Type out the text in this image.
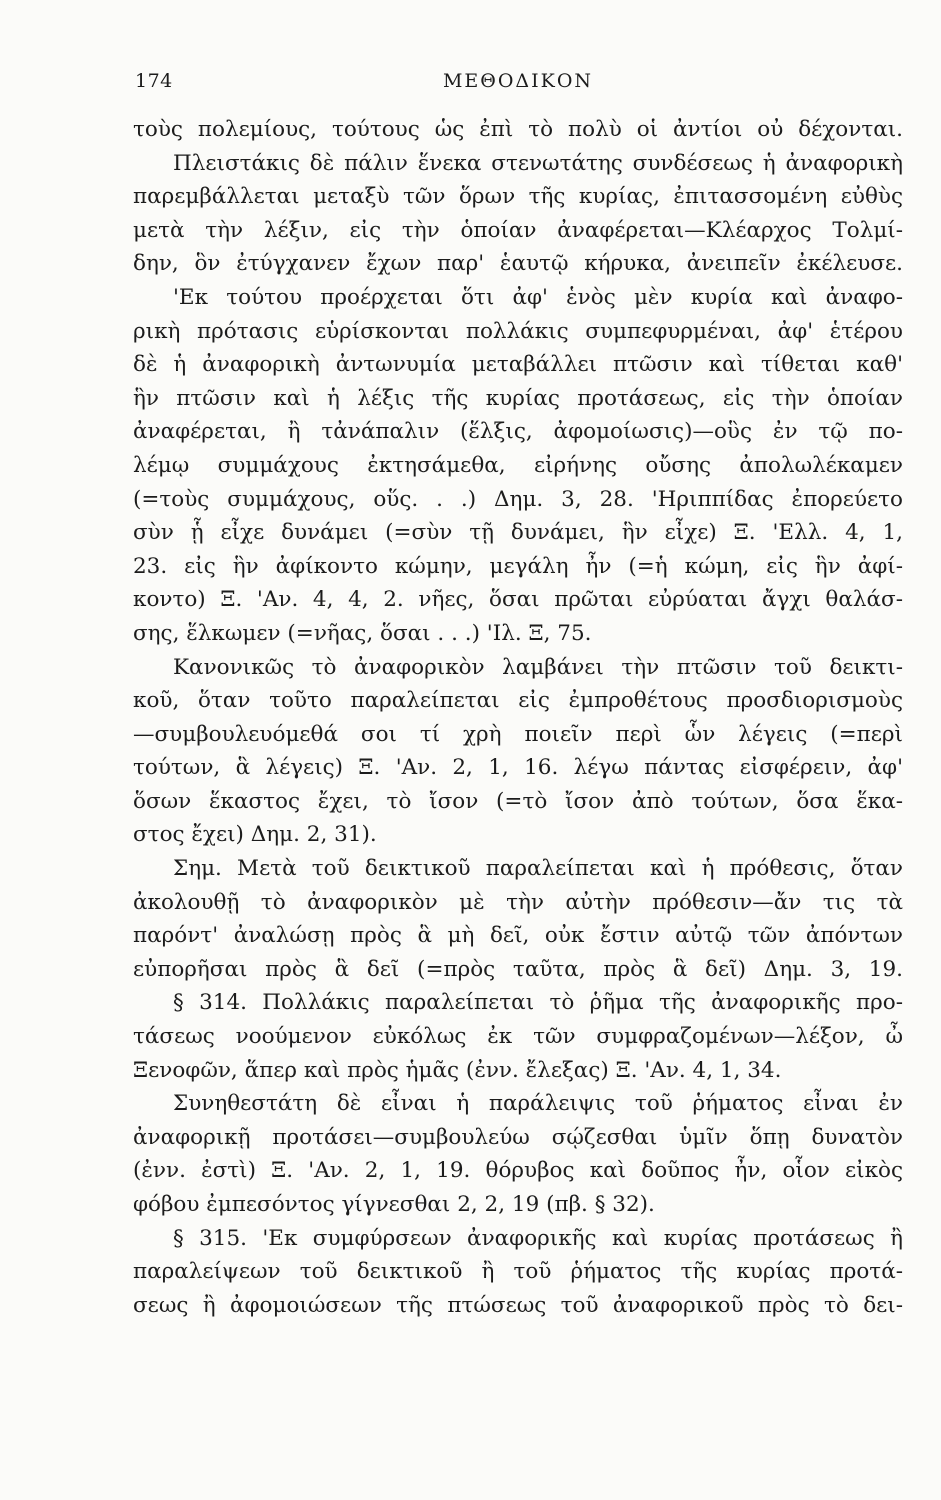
174	ΜΕΘΟΔΙΚΟΝ
τοὺς πολεμίους, τούτους ὡς ἐπὶ τὸ πολὺ οἱ ἀντίοι οὐ δέχονται.
Πλειστάκις δὲ πάλιν ἕνεκα στενωτάτης συνδέσεως ἡ ἀναφορικὴ
παρεμβάλλεται μεταξὺ τῶν ὅρων τῆς κυρίας, ἐπιτασσομένη εὐθὺς
μετὰ τὴν λέξιν, εἰς τὴν ὁποίαν ἀναφέρεται—Κλέαρχος Τολμί-
δην, ὃν ἐτύγχανεν ἔχων παρ' ἑαυτῷ κήρυκα, ἀνειπεῖν ἐκέλευσε.
'Εκ τούτου προέρχεται ὅτι ἀφ' ἑνὸς μὲν κυρία καὶ ἀναφο-
ρικὴ πρότασις εὑρίσκονται πολλάκις συμπεφυρμέναι, ἀφ' ἑτέρου
δὲ ἡ ἀναφορικὴ ἀντωνυμία μεταβάλλει πτῶσιν καὶ τίθεται καθ'
ἣν πτῶσιν καὶ ἡ λέξις τῆς κυρίας προτάσεως, εἰς τὴν ὁποίαν
ἀναφέρεται, ἢ τἀνάπαλιν (ἕλξις, ἀφομοίωσις)—οὓς ἐν τῷ πο-
λέμῳ συμμάχους ἐκτησάμεθα, εἰρήνης οὔσης ἀπολωλέκαμεν
(=τοὺς συμμάχους, οὕς. . .) Δημ. 3, 28. 'Ηριππίδας ἐπορεύετο
σὺν ᾗ εἶχε δυνάμει (=σὺν τῇ δυνάμει, ἣν εἶχε) Ξ. 'Ελλ. 4, 1,
23. εἰς ἣν ἀφίκοντο κώμην, μεγάλη ἦν (=ἡ κώμη, εἰς ἣν ἀφί-
κοντο) Ξ. 'Αν. 4, 4, 2. νῆες, ὅσαι πρῶται εὐρύαται ἄγχι θαλάσ-
σης, ἕλκωμεν (=νῆας, ὅσαι . . .) 'Ιλ. Ξ, 75.
Κανονικῶς τὸ ἀναφορικὸν λαμβάνει τὴν πτῶσιν τοῦ δεικτι-
κοῦ, ὅταν τοῦτο παραλείπεται εἰς ἐμπροθέτους προσδιορισμοὺς
—συμβουλευόμεθά σοι τί χρὴ ποιεῖν περὶ ὧν λέγεις (=περὶ
τούτων, ἃ λέγεις) Ξ. 'Αν. 2, 1, 16. λέγω πάντας εἰσφέρειν, ἀφ'
ὅσων ἕκαστος ἔχει, τὸ ἴσον (=τὸ ἴσον ἀπὸ τούτων, ὅσα ἕκα-
στος ἔχει) Δημ. 2, 31).
Σημ. Μετὰ τοῦ δεικτικοῦ παραλείπεται καὶ ἡ πρόθεσις, ὅταν
ἀκολουθῇ τὸ ἀναφορικὸν μὲ τὴν αὐτὴν πρόθεσιν—ἄν τις τὰ
παρόντ' ἀναλώσῃ πρὸς ἃ μὴ δεῖ, οὐκ ἔστιν αὐτῷ τῶν ἀπόντων
εὐπορῆσαι πρὸς ἃ δεῖ (=πρὸς ταῦτα, πρὸς ἃ δεῖ) Δημ. 3, 19.
§ 314. Πολλάκις παραλείπεται τὸ ῥῆμα τῆς ἀναφορικῆς προ-
τάσεως νοούμενον εὐκόλως ἐκ τῶν συμφραζομένων—λέξον, ὦ
Ξενοφῶν, ἅπερ καὶ πρὸς ἡμᾶς (ἐνν. ἔλεξας) Ξ. 'Αν. 4, 1, 34.
Συνηθεστάτη δὲ εἶναι ἡ παράλειψις τοῦ ῥήματος εἶναι ἐν
ἀναφορικῇ προτάσει—συμβουλεύω σῴζεσθαι ὑμῖν ὅπῃ δυνατὸν
(ἐνν. ἐστὶ) Ξ. 'Αν. 2, 1, 19. θόρυβος καὶ δοῦπος ἦν, οἷον εἰκὸς
φόβου ἐμπεσόντος γίγνεσθαι 2, 2, 19 (πβ. § 32).
§ 315. 'Εκ συμφύρσεων ἀναφορικῆς καὶ κυρίας προτάσεως ἢ
παραλείψεων τοῦ δεικτικοῦ ἢ τοῦ ῥήματος τῆς κυρίας προτά-
σεως ἢ ἀφομοιώσεων τῆς πτώσεως τοῦ ἀναφορικοῦ πρὸς τὸ δει-
